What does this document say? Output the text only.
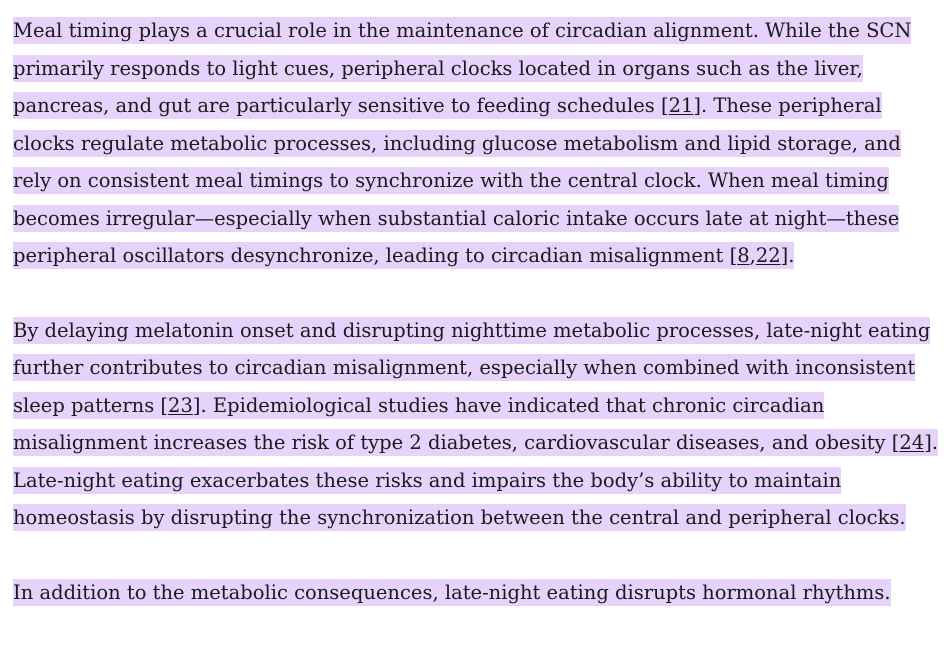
Meal timing plays a crucial role in the maintenance of circadian alignment. While the SCN primarily responds to light cues, peripheral clocks located in organs such as the liver, pancreas, and gut are particularly sensitive to feeding schedules [21]. These peripheral clocks regulate metabolic processes, including glucose metabolism and lipid storage, and rely on consistent meal timings to synchronize with the central clock. When meal timing becomes irregular—especially when substantial caloric intake occurs late at night—these peripheral oscillators desynchronize, leading to circadian misalignment [8,22].

By delaying melatonin onset and disrupting nighttime metabolic processes, late-night eating further contributes to circadian misalignment, especially when combined with inconsistent sleep patterns [23]. Epidemiological studies have indicated that chronic circadian misalignment increases the risk of type 2 diabetes, cardiovascular diseases, and obesity [24]. Late-night eating exacerbates these risks and impairs the body’s ability to maintain homeostasis by disrupting the synchronization between the central and peripheral clocks.

In addition to the metabolic consequences, late-night eating disrupts hormonal rhythms.
